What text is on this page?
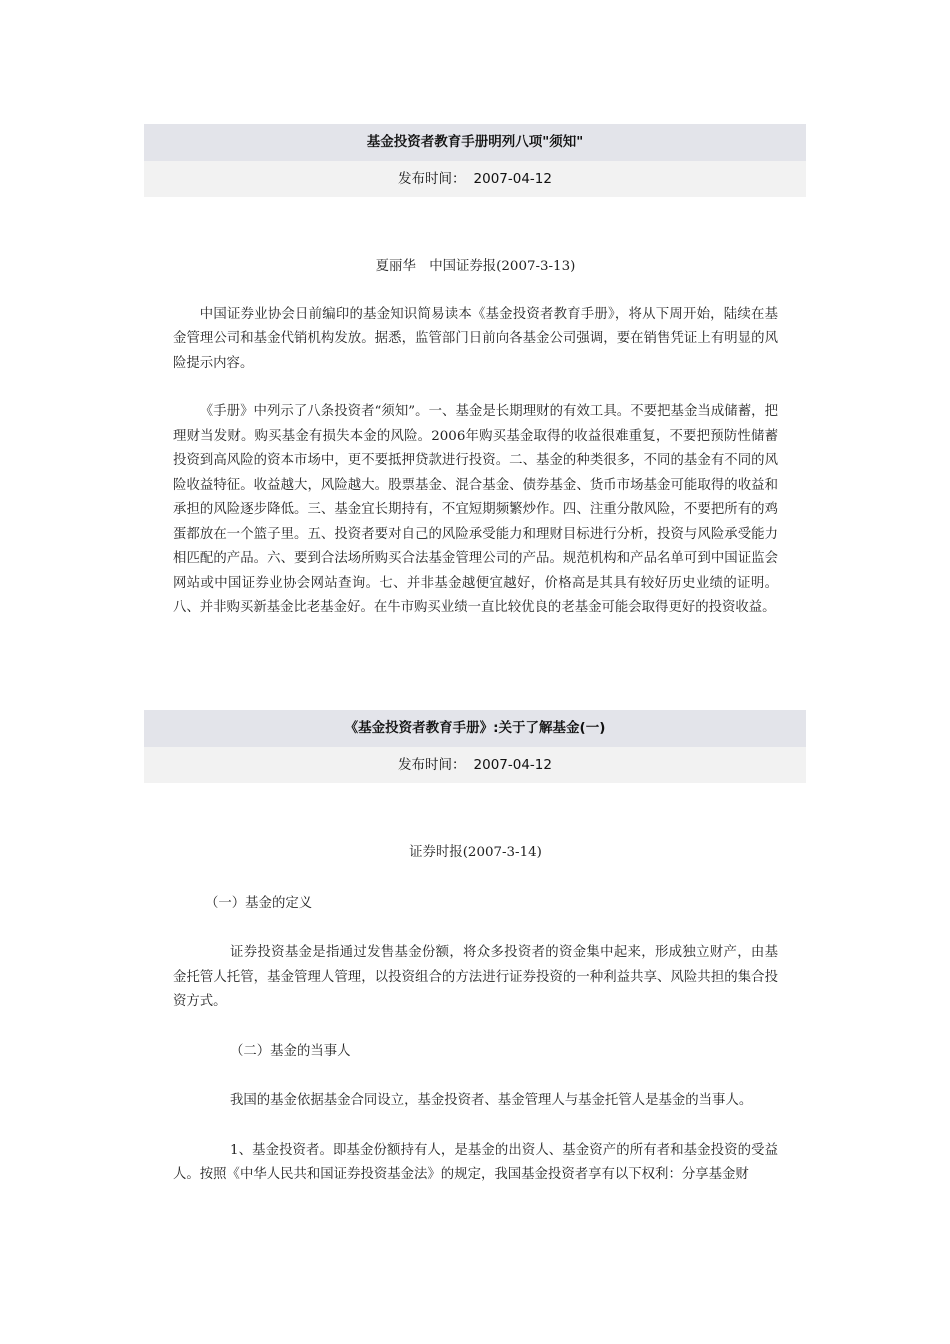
基金投资者教育手册明列八项"须知"
发布时间： 2007-04-12

夏丽华　中国证券报(2007-3-13)

中国证券业协会日前编印的基金知识简易读本《基金投资者教育手册》，将从下周开始，陆续在基金管理公司和基金代销机构发放。据悉，监管部门日前向各基金公司强调，要在销售凭证上有明显的风险提示内容。

《手册》中列示了八条投资者“须知”。一、基金是长期理财的有效工具。不要把基金当成储蓄，把理财当发财。购买基金有损失本金的风险。2006年购买基金取得的收益很难重复，不要把预防性储蓄投资到高风险的资本市场中，更不要抵押贷款进行投资。二、基金的种类很多，不同的基金有不同的风险收益特征。收益越大，风险越大。股票基金、混合基金、债券基金、货币市场基金可能取得的收益和承担的风险逐步降低。三、基金宜长期持有，不宜短期频繁炒作。四、注重分散风险，不要把所有的鸡蛋都放在一个篮子里。五、投资者要对自己的风险承受能力和理财目标进行分析，投资与风险承受能力相匹配的产品。六、要到合法场所购买合法基金管理公司的产品。规范机构和产品名单可到中国证监会网站或中国证券业协会网站查询。七、并非基金越便宜越好，价格高是其具有较好历史业绩的证明。八、并非购买新基金比老基金好。在牛市购买业绩一直比较优良的老基金可能会取得更好的投资收益。

《基金投资者教育手册》:关于了解基金(一)
发布时间： 2007-04-12

证券时报(2007-3-14)

（一）基金的定义

证券投资基金是指通过发售基金份额，将众多投资者的资金集中起来，形成独立财产，由基金托管人托管，基金管理人管理，以投资组合的方法进行证券投资的一种利益共享、风险共担的集合投资方式。

（二）基金的当事人

我国的基金依据基金合同设立，基金投资者、基金管理人与基金托管人是基金的当事人。

1、基金投资者。即基金份额持有人，是基金的出资人、基金资产的所有者和基金投资的受益人。按照《中华人民共和国证券投资基金法》的规定，我国基金投资者享有以下权利：分享基金财
